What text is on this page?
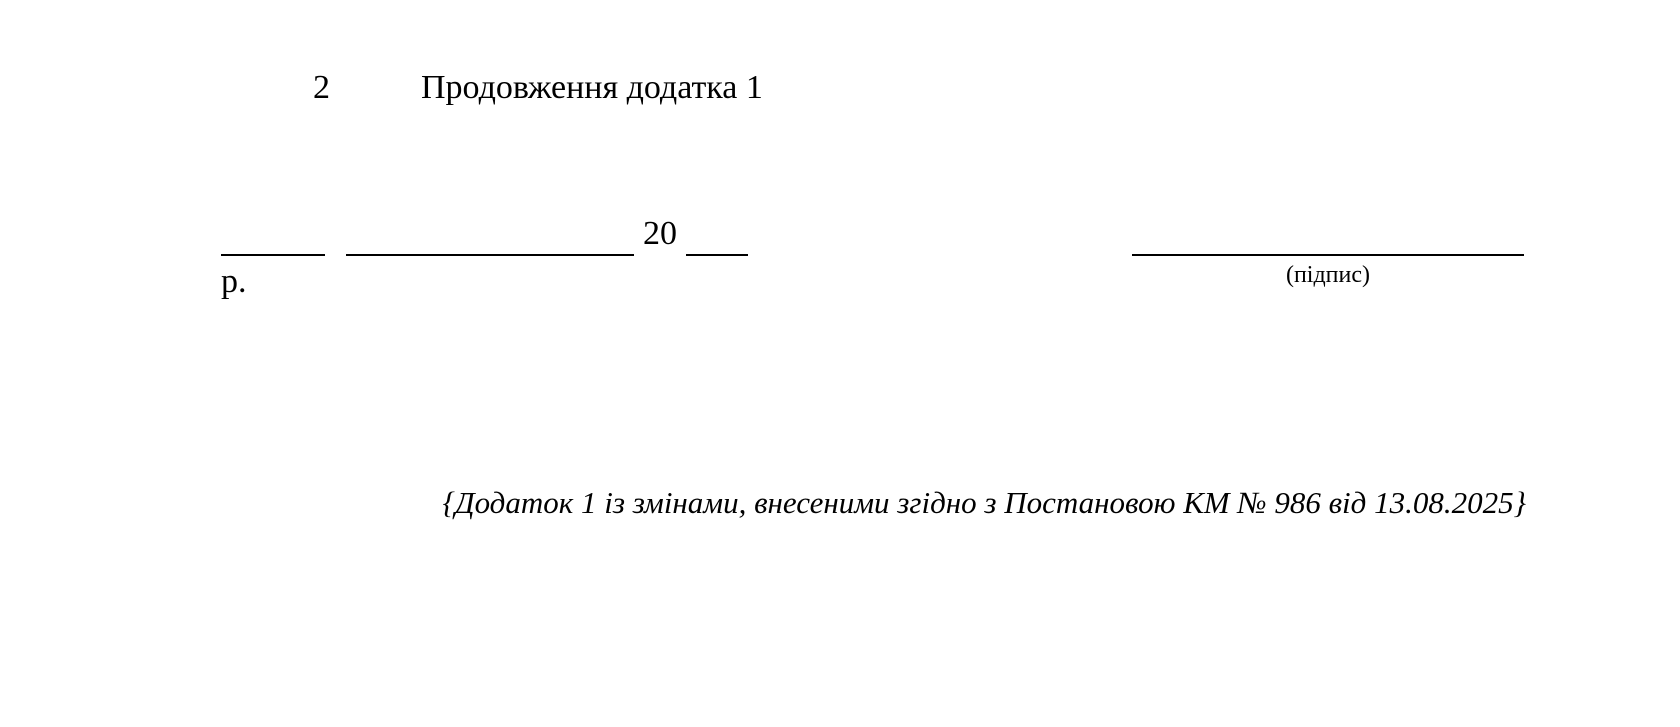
2	Продовження додатка 1
20
р.	(підпис)
{Додаток 1 із змінами, внесеними згідно з Постановою КМ № 986 від 13.08.2025}
